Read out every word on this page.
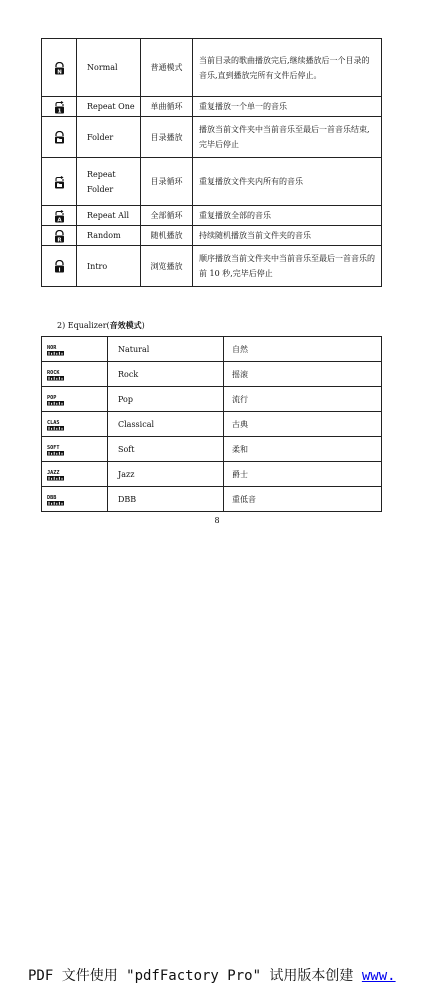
N	Normal	普通模式	当前目录的歌曲播放完后,继续播放后一个目录的音乐,直到播放完所有文件后停止。

1	Repeat One	单曲循环	重复播放一个单一的音乐
	Folder	目录播放	播放当前文件夹中当前音乐至最后一首音乐结束,完毕后停止
	Repeat Folder	目录循环	重复播放文件夹内所有的音乐

A	Repeat All	全部循环	重复播放全部的音乐

R	Random	随机播放	持续随机播放当前文件夹的音乐

I	Intro	浏览播放	顺序播放当前文件夹中当前音乐至最后一首音乐的前 10 秒,完毕后停止
2) Equalizer(音效模式)
NOR	Natural	自然

ROCK	Rock	摇滚

POP	Pop	流行

CLAS	Classical	古典

SOFT	Soft	柔和

JAZZ	Jazz	爵士

DBB	DBB	重低音
8
PDF 文件使用 "pdfFactory Pro" 试用版本创建 www.
